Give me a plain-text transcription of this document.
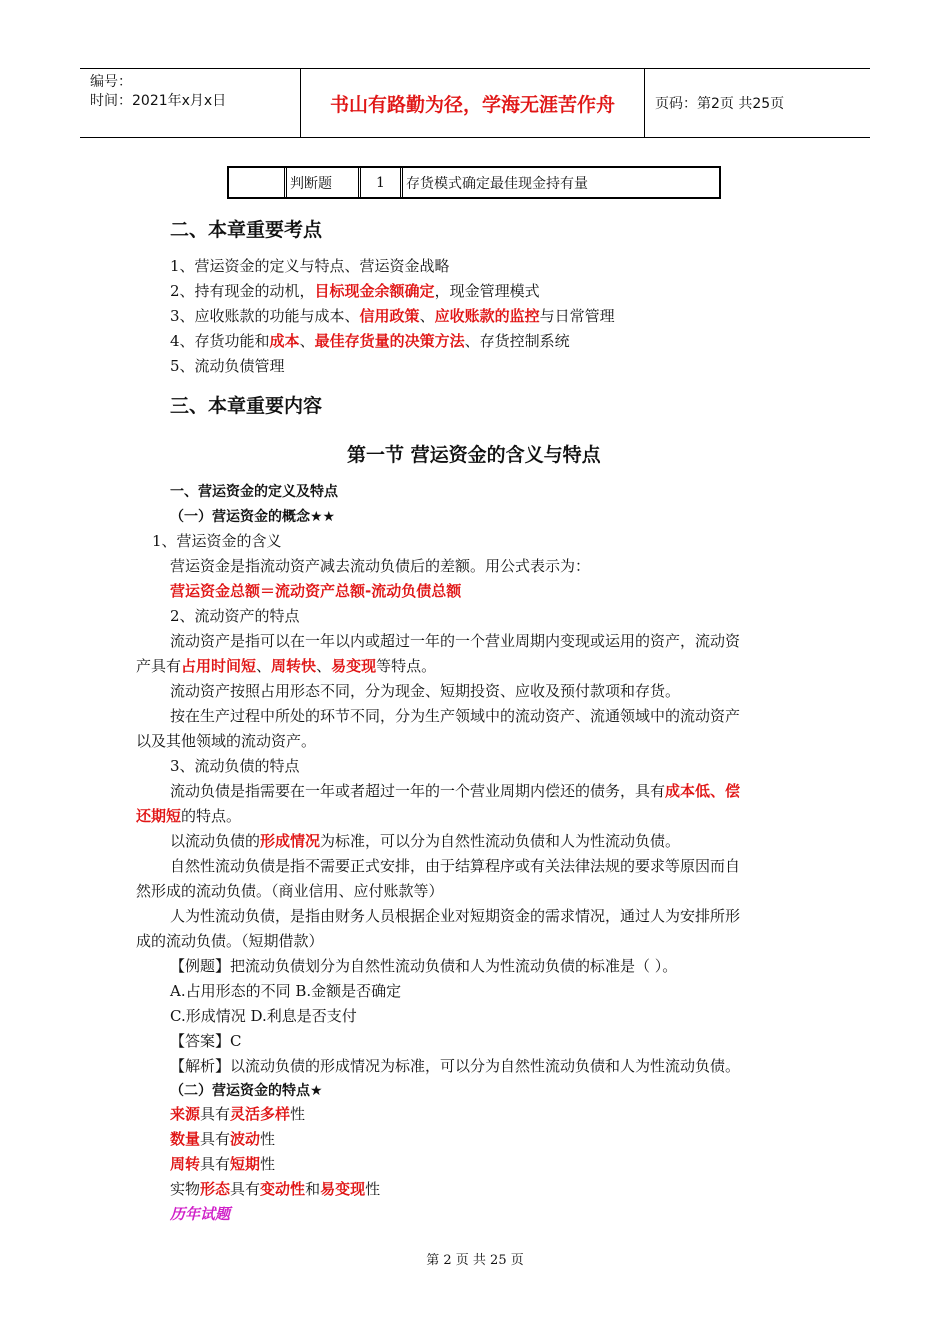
编号：
时间：2021年x月x日	书山有路勤为径，学海无涯苦作舟	页码：第2页 共25页
判断题	1	存货模式确定最佳现金持有量
二、本章重要考点
1、营运资金的定义与特点、营运资金战略
2、持有现金的动机，目标现金余额确定，现金管理模式
3、应收账款的功能与成本、信用政策、应收账款的监控与日常管理
4、存货功能和成本、最佳存货量的决策方法、存货控制系统
5、流动负债管理
三、本章重要内容
第一节 营运资金的含义与特点
一、营运资金的定义及特点
（一）营运资金的概念★★
1、营运资金的含义
营运资金是指流动资产减去流动负债后的差额。用公式表示为：
营运资金总额＝流动资产总额-流动负债总额
2、流动资产的特点
流动资产是指可以在一年以内或超过一年的一个营业周期内变现或运用的资产，流动资
产具有占用时间短、周转快、易变现等特点。
流动资产按照占用形态不同，分为现金、短期投资、应收及预付款项和存货。
按在生产过程中所处的环节不同，分为生产领域中的流动资产、流通领域中的流动资产
以及其他领域的流动资产。
3、流动负债的特点
流动负债是指需要在一年或者超过一年的一个营业周期内偿还的债务，具有成本低、偿
还期短的特点。
以流动负债的形成情况为标准，可以分为自然性流动负债和人为性流动负债。
自然性流动负债是指不需要正式安排，由于结算程序或有关法律法规的要求等原因而自
然形成的流动负债。（商业信用、应付账款等）
人为性流动负债，是指由财务人员根据企业对短期资金的需求情况，通过人为安排所形
成的流动负债。（短期借款）
【例题】把流动负债划分为自然性流动负债和人为性流动负债的标准是（ ）。
A.占用形态的不同 B.金额是否确定
C.形成情况 D.利息是否支付
【答案】C
【解析】以流动负债的形成情况为标准，可以分为自然性流动负债和人为性流动负债。
（二）营运资金的特点★
来源具有灵活多样性
数量具有波动性
周转具有短期性
实物形态具有变动性和易变现性
历年试题
第 2 页 共 25 页
